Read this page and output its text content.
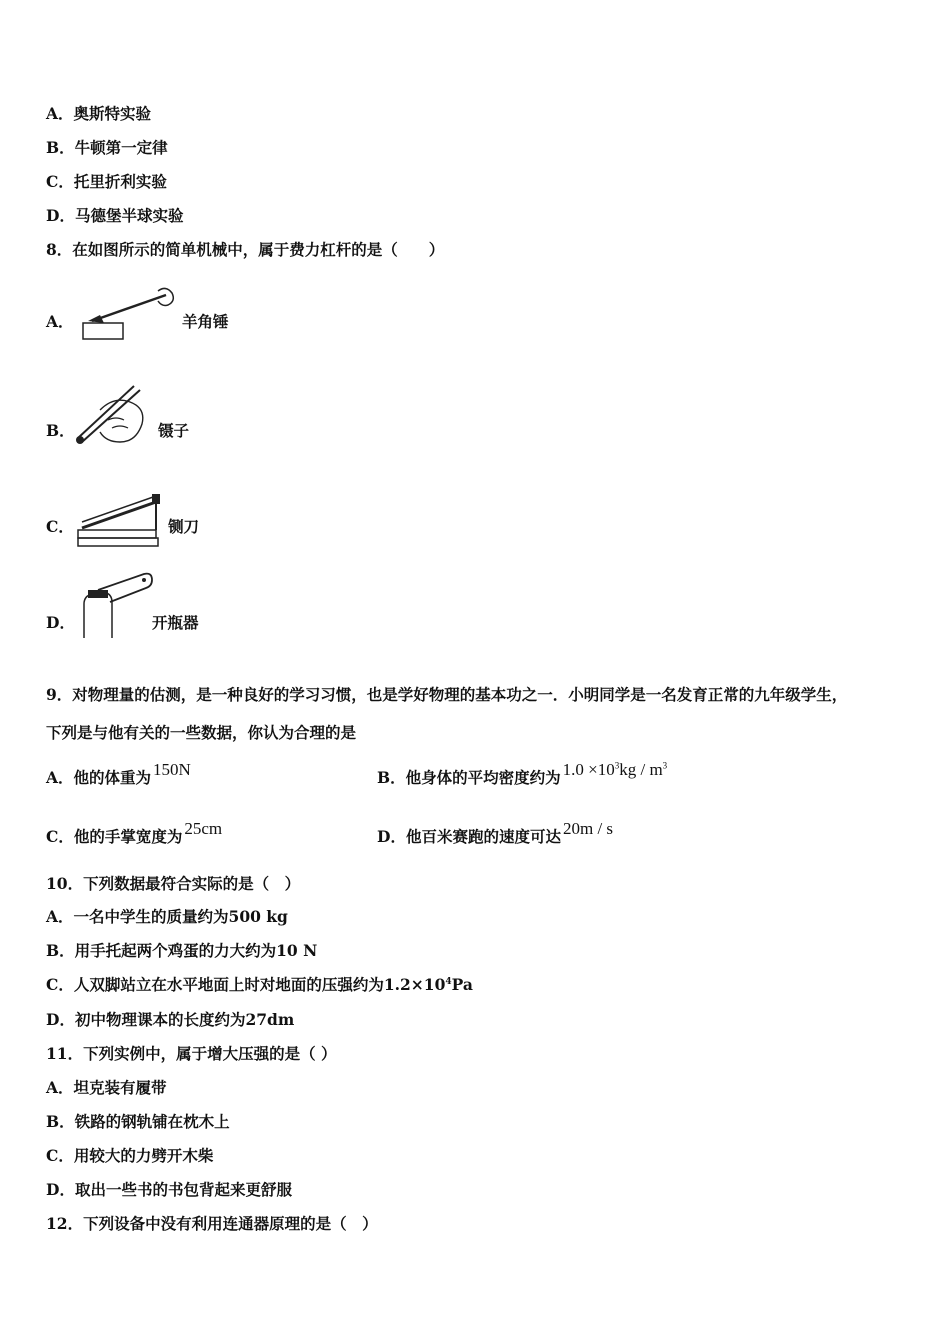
A．奥斯特实验
B．牛顿第一定律
C．托里折利实验
D．马德堡半球实验
8．在如图所示的简单机械中，属于费力杠杆的是（　　）
A．	羊角锤
B．	镊子
C．	铡刀
D．	开瓶器
9．对物理量的估测，是一种良好的学习习惯，也是学好物理的基本功之一．小明同学是一名发育正常的九年级学生，
下列是与他有关的一些数据，你认为合理的是
A．他的体重为 150N	B．他身体的平均密度约为 $1.0 \times 10^3kg / m^3$
C．他的手掌宽度为 25cm	D．他百米赛跑的速度可达 20m / s
10．下列数据最符合实际的是（　）
A．一名中学生的质量约为500 kg
B．用手托起两个鸡蛋的力大约为10 N
C．人双脚站立在水平地面上时对地面的压强约为$1.2\times 10^4Pa$
D．初中物理课本的长度约为27dm
11．下列实例中，属于增大压强的是（ ）
A．坦克装有履带
B．铁路的钢轨铺在枕木上
C．用较大的力劈开木柴
D．取出一些书的书包背起来更舒服
12．下列设备中没有利用连通器原理的是（　）
